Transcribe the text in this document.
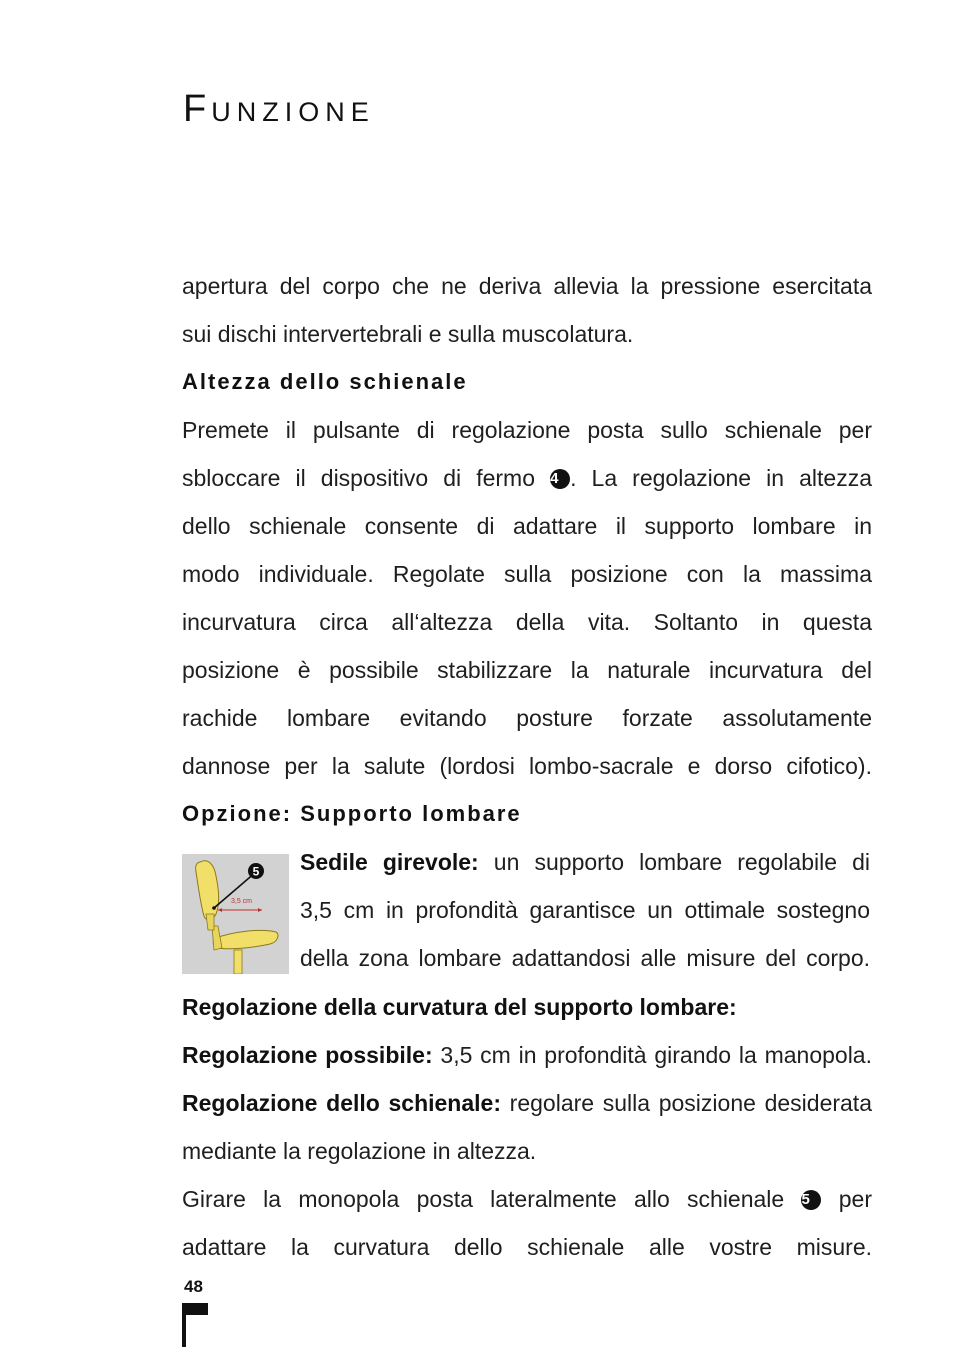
FUNZIONE
apertura del corpo che ne deriva allevia la pressione esercitata
sui dischi intervertebrali e sulla muscolatura.
Altezza dello schienale
Premete il pulsante di regolazione posta sullo schienale per
sbloccare il dispositivo di fermo 4 . La regolazione in altezza
dello schienale consente di adattare il supporto lombare in
modo individuale. Regolate sulla posizione con la massima
incurvatura circa all‘altezza della vita. Soltanto in questa
posizione è possibile stabilizzare la naturale incurvatura del
rachide lombare evitando posture forzate assolutamente
dannose per la salute (lordosi lombo-sacrale e dorso cifotico).
Opzione: Supporto lombare
3,5 cm
5 Sedile girevole: un supporto lombare regolabile di
3,5 cm in profondità garantisce un ottimale sostegno
della zona lombare adattandosi alle misure del corpo.
Regolazione della curvatura del supporto lombare:
Regolazione possibile: 3,5 cm in profondità girando la manopola.
Regolazione dello schienale: regolare sulla posizione desiderata
mediante la regolazione in altezza.
Girare la monopola posta lateralmente allo schienale 5 per
adattare la curvatura dello schienale alle vostre misure.
48
